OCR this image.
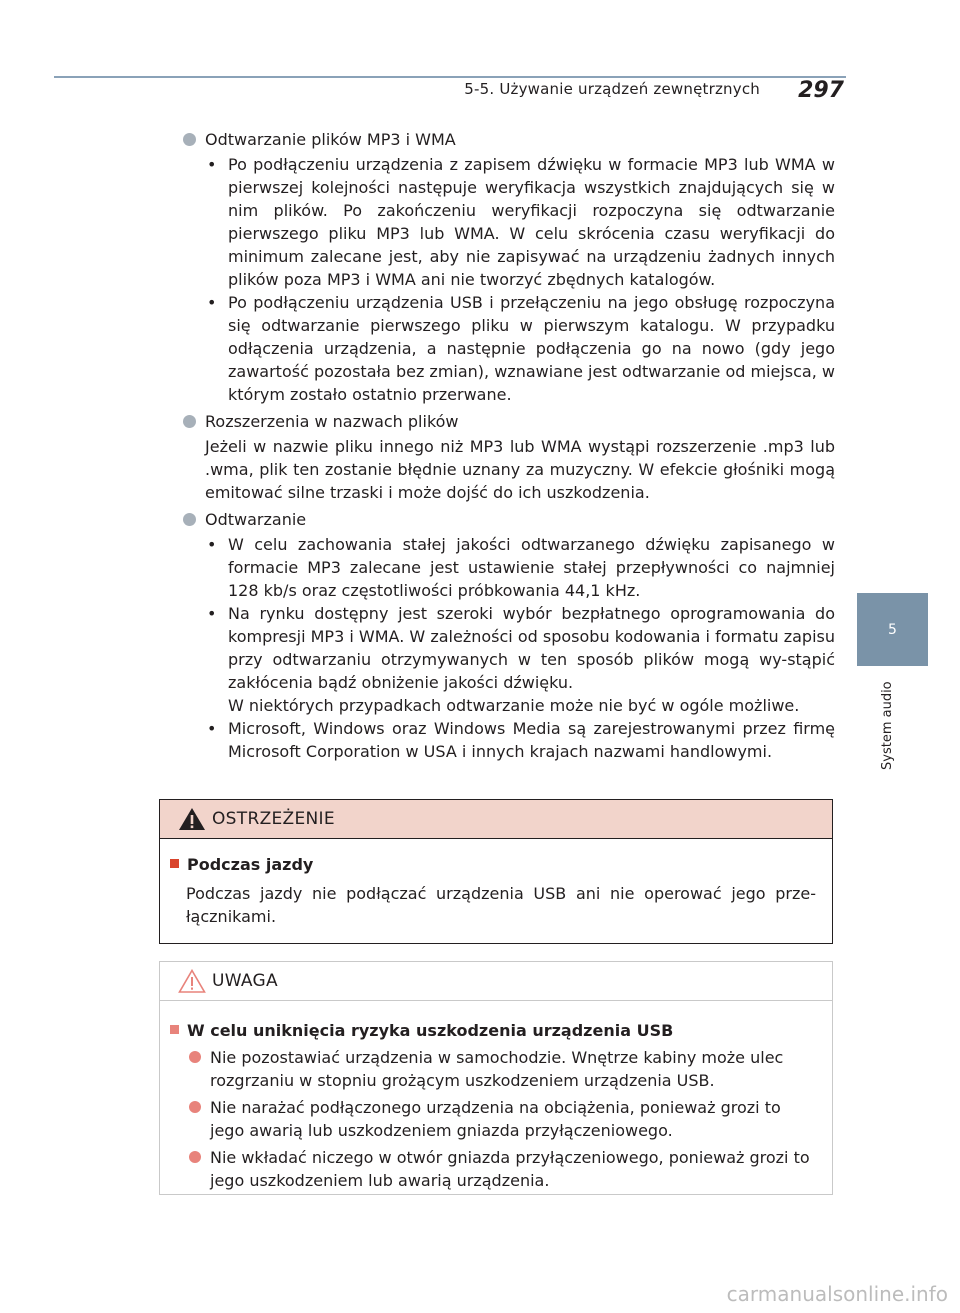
5-5. Używanie urządzeń zewnętrznych 297
5
System audio
Odtwarzanie plików MP3 i WMA
• Po podłączeniu urządzenia z zapisem dźwięku w formacie MP3 lub WMA w pierwszej kolejności następuje weryfikacja wszystkich znajdujących się w nim plików. Po zakończeniu weryfikacji rozpoczyna się odtwarzanie pierwszego pliku MP3 lub WMA. W celu skrócenia czasu weryfikacji do minimum zalecane jest, aby nie zapisywać na urządzeniu żadnych innych plików poza MP3 i WMA ani nie tworzyć zbędnych katalogów.
• Po podłączeniu urządzenia USB i przełączeniu na jego obsługę rozpoczyna się odtwarzanie pierwszego pliku w pierwszym katalogu. W przypadku odłączenia urządzenia, a następnie podłączenia go na nowo (gdy jego zawartość pozostała bez zmian), wznawiane jest odtwarzanie od miejsca, w którym zostało ostatnio przerwane.
Rozszerzenia w nazwach plików
Jeżeli w nazwie pliku innego niż MP3 lub WMA wystąpi rozszerzenie .mp3 lub .wma, plik ten zostanie błędnie uznany za muzyczny. W efekcie głośniki mogą emitować silne trzaski i może dojść do ich uszkodzenia.
Odtwarzanie
• W celu zachowania stałej jakości odtwarzanego dźwięku zapisanego w formacie MP3 zalecane jest ustawienie stałej przepływności co najmniej 128 kb/s oraz częstotliwości próbkowania 44,1 kHz.
• Na rynku dostępny jest szeroki wybór bezpłatnego oprogramowania do kompresji MP3 i WMA. W zależności od sposobu kodowania i formatu zapisu przy odtwarzaniu otrzymywanych w ten sposób plików mogą wy-stąpić zakłócenia bądź obniżenie jakości dźwięku.
W niektórych przypadkach odtwarzanie może nie być w ogóle możliwe.
• Microsoft, Windows oraz Windows Media są zarejestrowanymi przez firmę Microsoft Corporation w USA i innych krajach nazwami handlowymi.
OSTRZEŻENIE
Podczas jazdy
Podczas jazdy nie podłączać urządzenia USB ani nie operować jego prze-łącznikami.
UWAGA
W celu uniknięcia ryzyka uszkodzenia urządzenia USB
Nie pozostawiać urządzenia w samochodzie. Wnętrze kabiny może ulec rozgrzaniu w stopniu grożącym uszkodzeniem urządzenia USB.
Nie narażać podłączonego urządzenia na obciążenia, ponieważ grozi to jego awarią lub uszkodzeniem gniazda przyłączeniowego.
Nie wkładać niczego w otwór gniazda przyłączeniowego, ponieważ grozi to jego uszkodzeniem lub awarią urządzenia.
carmanualsonline.info
